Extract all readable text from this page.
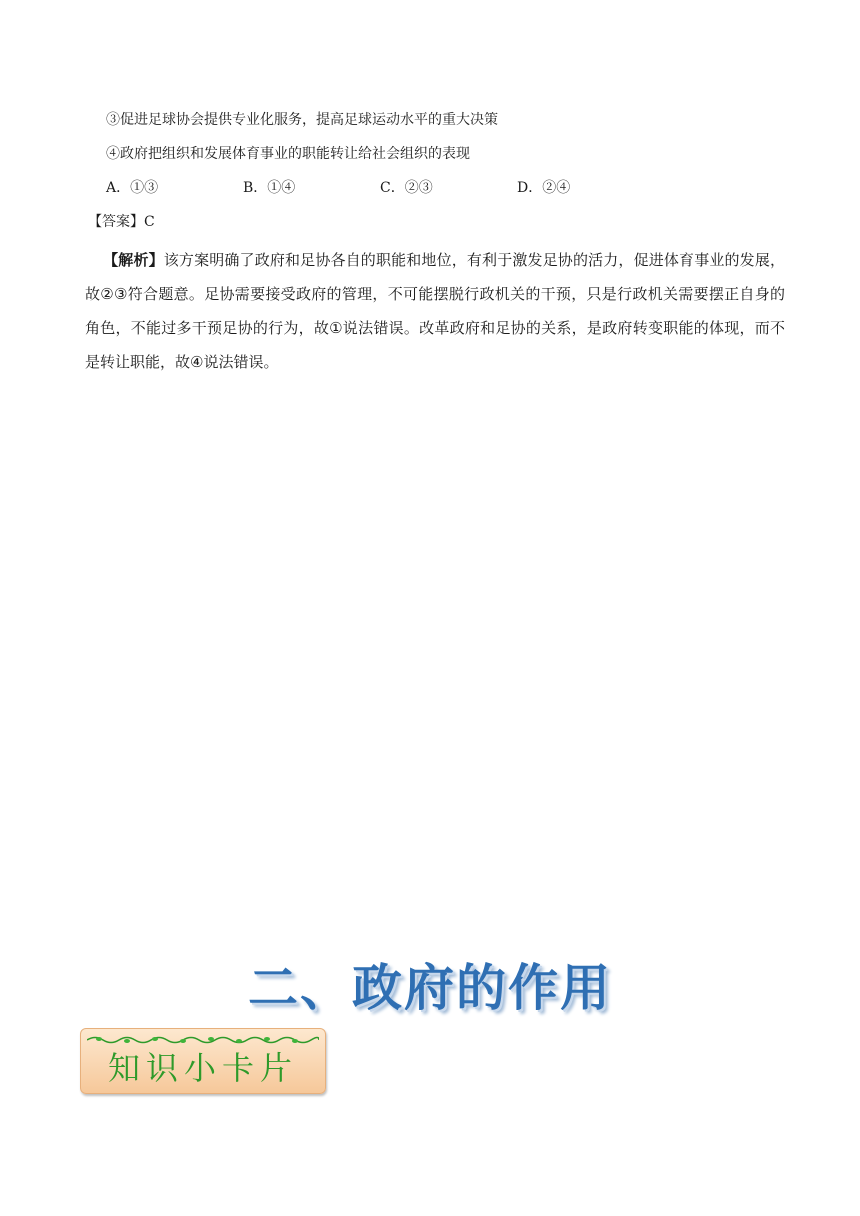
③促进足球协会提供专业化服务，提高足球运动水平的重大决策
④政府把组织和发展体育事业的职能转让给社会组织的表现
A．①③	B．①④	C．②③	D．②④
【答案】C
【解析】该方案明确了政府和足协各自的职能和地位，有利于激发足协的活力，促进体育事业的发展，故②③符合题意。足协需要接受政府的管理，不可能摆脱行政机关的干预，只是行政机关需要摆正自身的角色，不能过多干预足协的行为，故①说法错误。改革政府和足协的关系，是政府转变职能的体现，而不是转让职能，故④说法错误。
二、政府的作用
知识小卡片
